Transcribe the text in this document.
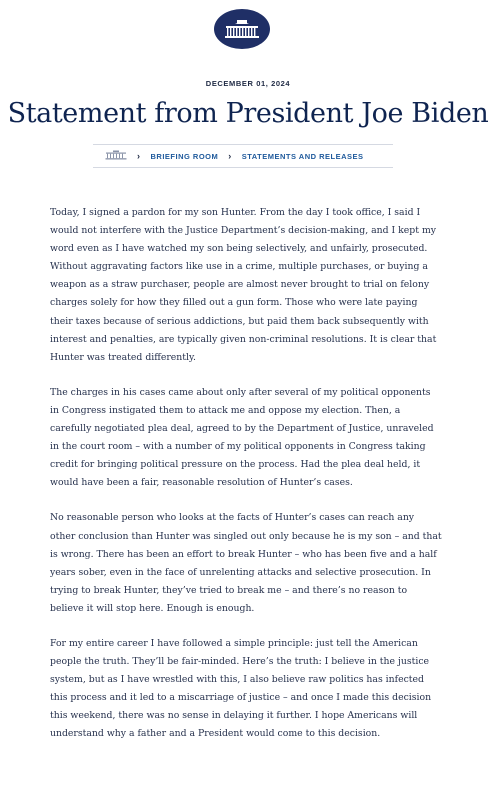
DECEMBER 01, 2024
Statement from President Joe Biden
› BRIEFING ROOM › STATEMENTS AND RELEASES

Today, I signed a pardon for my son Hunter. From the day I took office, I said I would not interfere with the Justice Department’s decision-making, and I kept my word even as I have watched my son being selectively, and unfairly, prosecuted. Without aggravating factors like use in a crime, multiple purchases, or buying a weapon as a straw purchaser, people are almost never brought to trial on felony charges solely for how they filled out a gun form. Those who were late paying their taxes because of serious addictions, but paid them back subsequently with interest and penalties, are typically given non-criminal resolutions. It is clear that Hunter was treated differently.

The charges in his cases came about only after several of my political opponents in Congress instigated them to attack me and oppose my election. Then, a carefully negotiated plea deal, agreed to by the Department of Justice, unraveled in the court room – with a number of my political opponents in Congress taking credit for bringing political pressure on the process. Had the plea deal held, it would have been a fair, reasonable resolution of Hunter’s cases.

No reasonable person who looks at the facts of Hunter’s cases can reach any other conclusion than Hunter was singled out only because he is my son – and that is wrong. There has been an effort to break Hunter – who has been five and a half years sober, even in the face of unrelenting attacks and selective prosecution. In trying to break Hunter, they’ve tried to break me – and there’s no reason to believe it will stop here. Enough is enough.

For my entire career I have followed a simple principle: just tell the American people the truth. They’ll be fair-minded. Here’s the truth: I believe in the justice system, but as I have wrestled with this, I also believe raw politics has infected this process and it led to a miscarriage of justice – and once I made this decision this weekend, there was no sense in delaying it further. I hope Americans will understand why a father and a President would come to this decision.
